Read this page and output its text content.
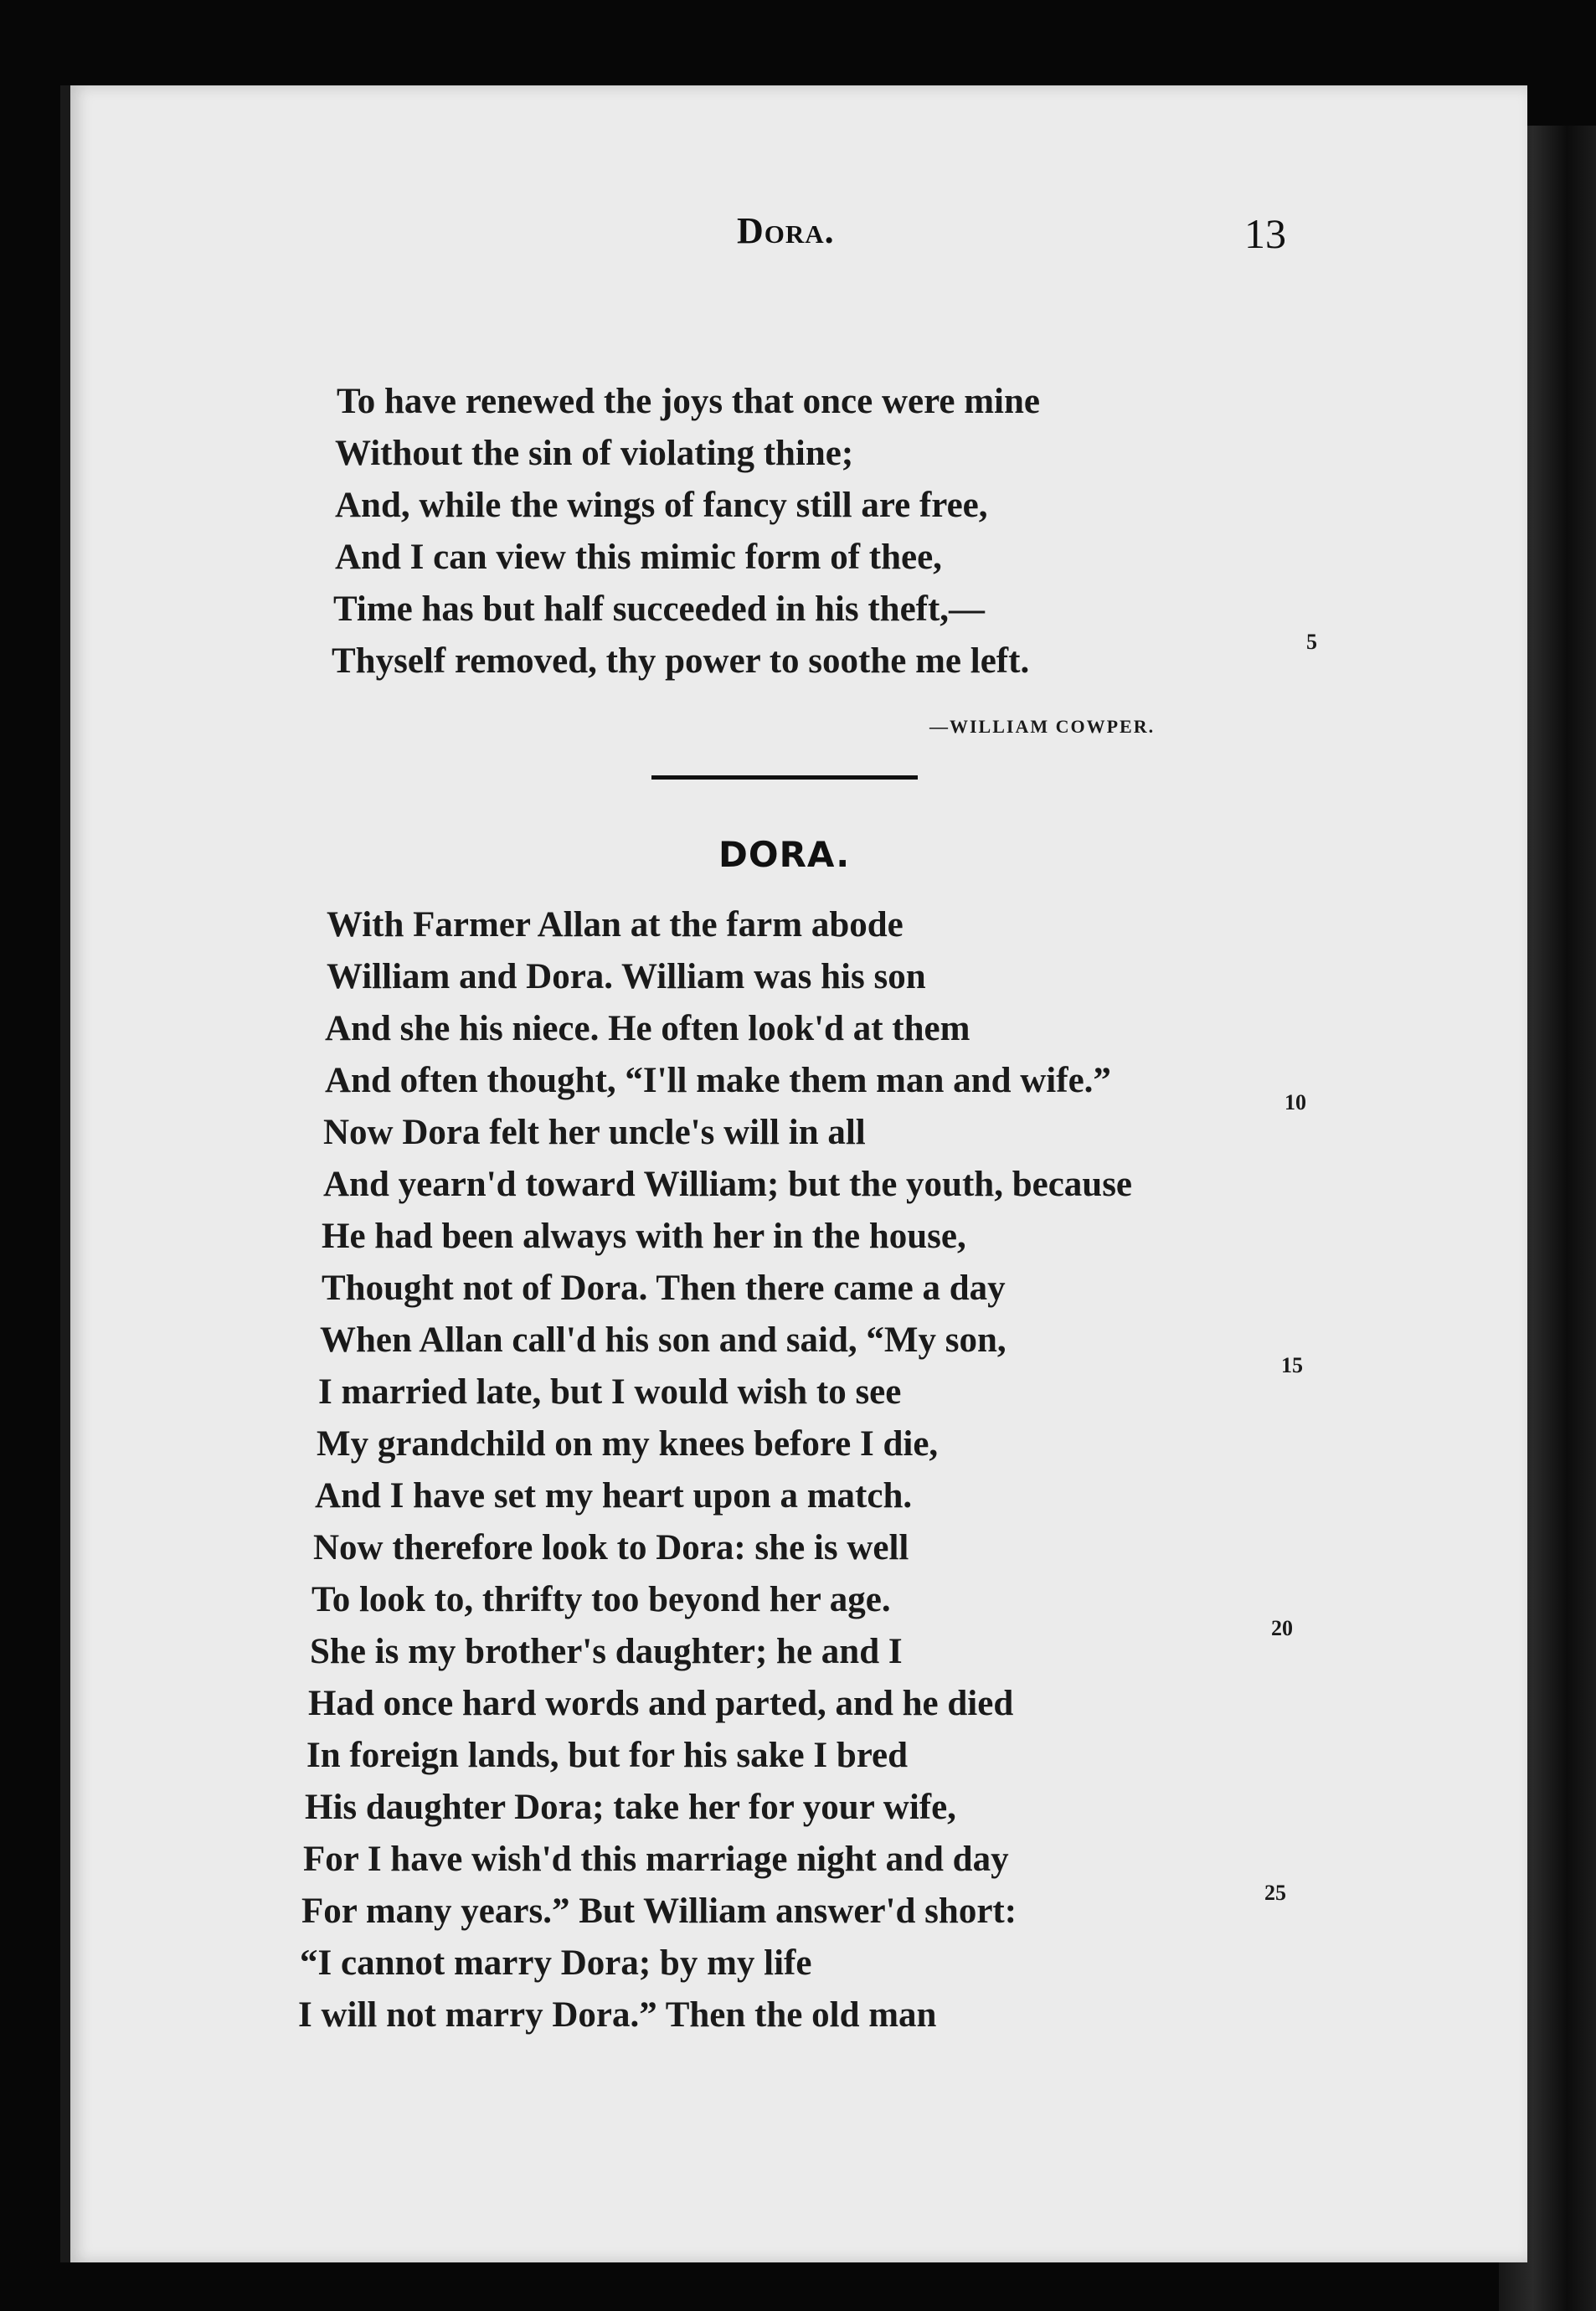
Dora.	13
To have renewed the joys that once were mine
Without the sin of violating thine;
And, while the wings of fancy still are free,
And I can view this mimic form of thee,
Time has but half succeeded in his theft,—
Thyself removed, thy power to soothe me left.	5
—WILLIAM COWPER.
DORA.
With Farmer Allan at the farm abode
William and Dora. William was his son
And she his niece. He often look'd at them
And often thought, “I'll make them man and wife.”
10
Now Dora felt her uncle's will in all
And yearn'd toward William; but the youth, because
He had been always with her in the house,
Thought not of Dora. Then there came a day
When Allan call'd his son and said, “My son,
15
I married late, but I would wish to see
My grandchild on my knees before I die,
And I have set my heart upon a match.
Now therefore look to Dora: she is well
To look to, thrifty too beyond her age.
20
She is my brother's daughter; he and I
Had once hard words and parted, and he died
In foreign lands, but for his sake I bred
His daughter Dora; take her for your wife,
For I have wish'd this marriage night and day
25
For many years.” But William answer'd short:
“I cannot marry Dora; by my life
I will not marry Dora.” Then the old man
